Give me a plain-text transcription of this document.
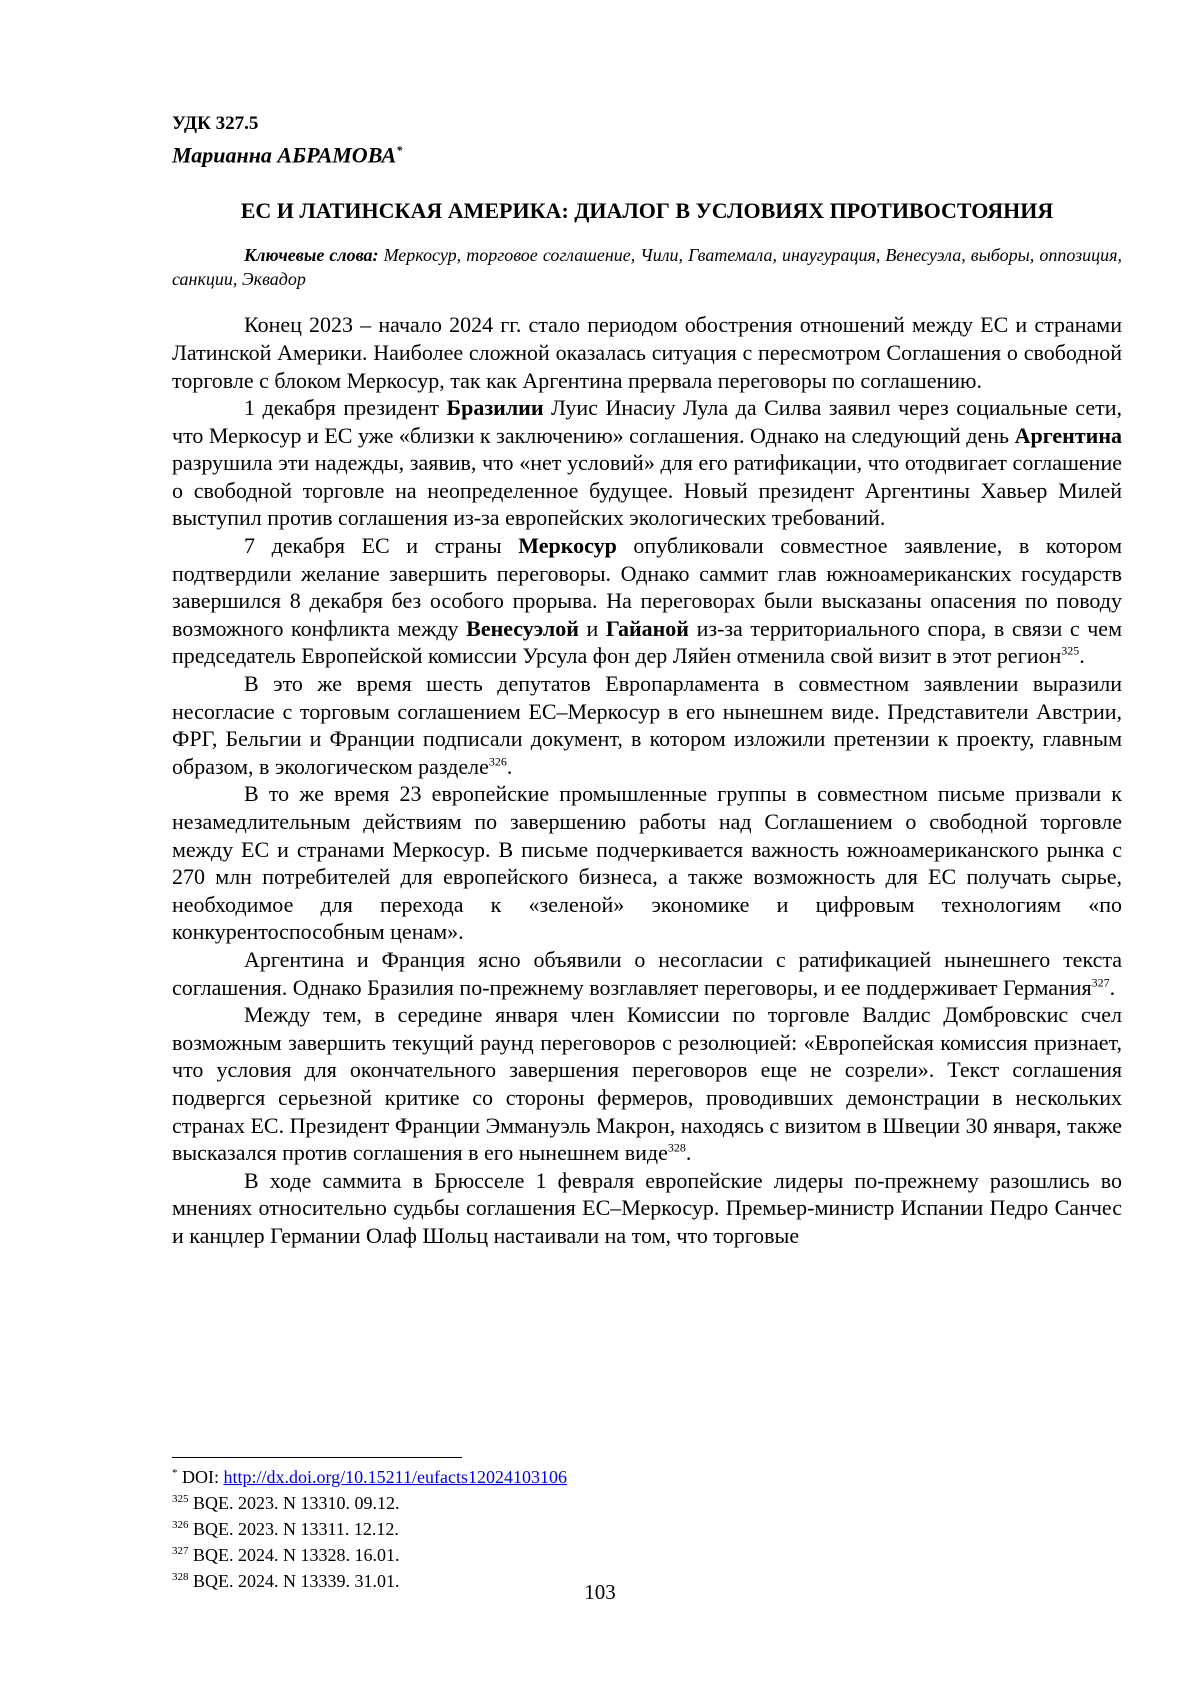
УДК 327.5
Марианна АБРАМОВА*
ЕС И ЛАТИНСКАЯ АМЕРИКА: ДИАЛОГ В УСЛОВИЯХ ПРОТИВОСТОЯНИЯ
Ключевые слова: Меркосур, торговое соглашение, Чили, Гватемала, инаугурация, Венесуэла, выборы, оппозиция, санкции, Эквадор

Конец 2023 – начало 2024 гг. стало периодом обострения отношений между ЕС и странами Латинской Америки. Наиболее сложной оказалась ситуация с пересмотром Соглашения о свободной торговле с блоком Меркосур, так как Аргентина прервала переговоры по соглашению.

1 декабря президент Бразилии Луис Инасиу Лула да Силва заявил через социальные сети, что Меркосур и ЕС уже «близки к заключению» соглашения. Однако на следующий день Аргентина разрушила эти надежды, заявив, что «нет условий» для его ратификации, что отодвигает соглашение о свободной торговле на неопределенное будущее. Новый президент Аргентины Хавьер Милей выступил против соглашения из-за европейских экологических требований.

7 декабря ЕС и страны Меркосур опубликовали совместное заявление, в котором подтвердили желание завершить переговоры. Однако саммит глав южноамериканских государств завершился 8 декабря без особого прорыва. На переговорах были высказаны опасения по поводу возможного конфликта между Венесуэлой и Гайаной из-за территориального спора, в связи с чем председатель Европейской комиссии Урсула фон дер Ляйен отменила свой визит в этот регион$^{325}$.

В это же время шесть депутатов Европарламента в совместном заявлении выразили несогласие с торговым соглашением ЕС–Меркосур в его нынешнем виде. Представители Австрии, ФРГ, Бельгии и Франции подписали документ, в котором изложили претензии к проекту, главным образом, в экологическом разделе$^{326}$.

В то же время 23 европейские промышленные группы в совместном письме призвали к незамедлительным действиям по завершению работы над Соглашением о свободной торговле между ЕС и странами Меркосур. В письме подчеркивается важность южноамериканского рынка с 270 млн потребителей для европейского бизнеса, а также возможность для ЕС получать сырье, необходимое для перехода к «зеленой» экономике и цифровым технологиям «по конкурентоспособным ценам».

Аргентина и Франция ясно объявили о несогласии с ратификацией нынешнего текста соглашения. Однако Бразилия по-прежнему возглавляет переговоры, и ее поддерживает Германия$^{327}$.

Между тем, в середине января член Комиссии по торговле Валдис Домбровскис счел возможным завершить текущий раунд переговоров с резолюцией: «Европейская комиссия признает, что условия для окончательного завершения переговоров еще не созрели». Текст соглашения подвергся серьезной критике со стороны фермеров, проводивших демонстрации в нескольких странах ЕС. Президент Франции Эммануэль Макрон, находясь с визитом в Швеции 30 января, также высказался против соглашения в его нынешнем виде$^{328}$.

В ходе саммита в Брюсселе 1 февраля европейские лидеры по-прежнему разошлись во мнениях относительно судьбы соглашения ЕС–Меркосур. Премьер-министр Испании Педро Санчес и канцлер Германии Олаф Шольц настаивали на том, что торговые

* DOI: http://dx.doi.org/10.15211/eufacts12024103106
$^{325}$ BQE. 2023. N 13310. 09.12.
$^{326}$ BQE. 2023. N 13311. 12.12.
$^{327}$ BQE. 2024. N 13328. 16.01.
$^{328}$ BQE. 2024. N 13339. 31.01.	103
